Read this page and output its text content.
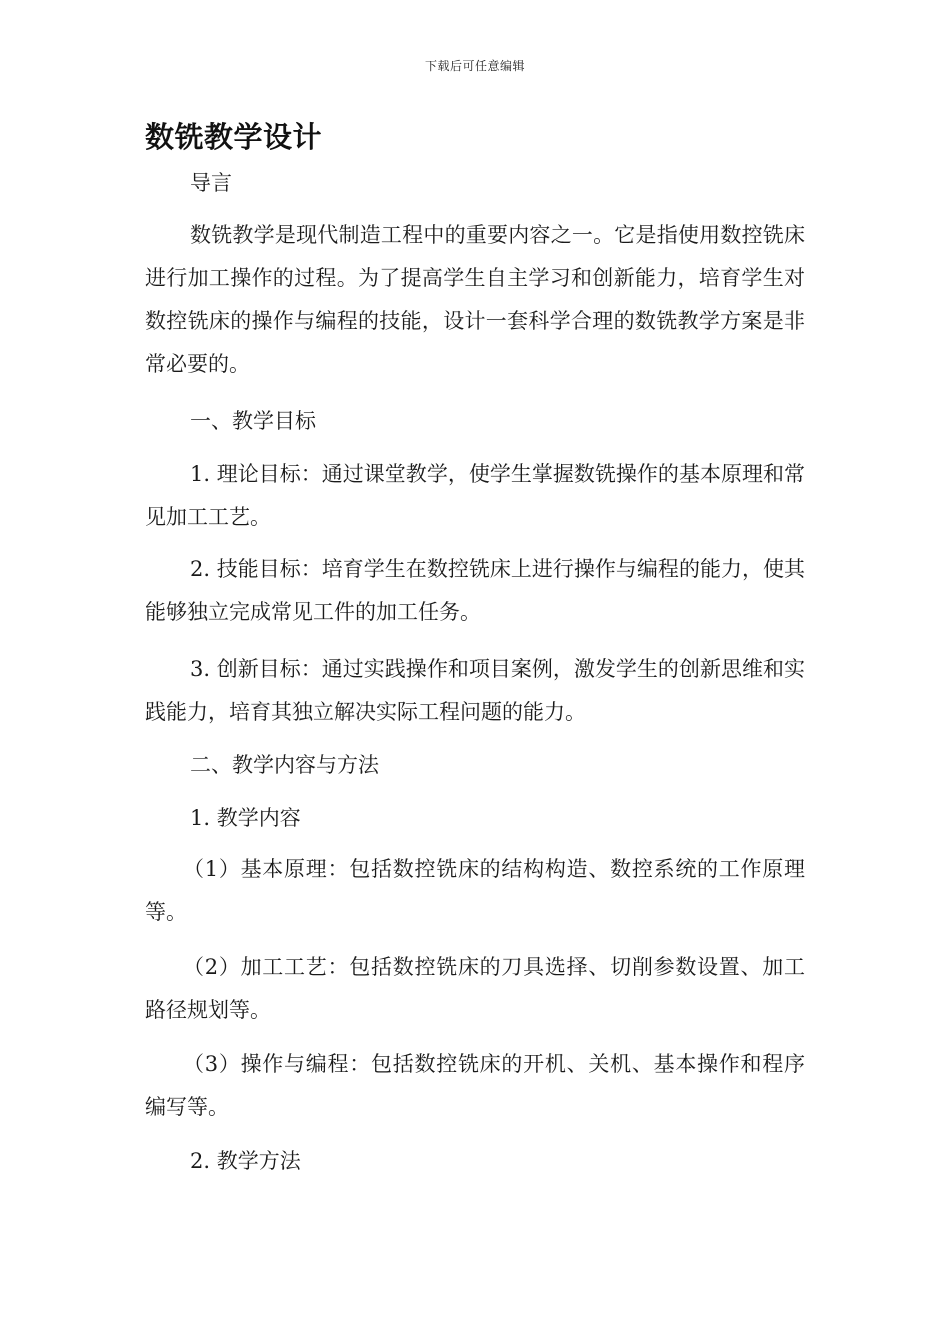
下载后可任意编辑
数铣教学设计

导言

数铣教学是现代制造工程中的重要内容之一。它是指使用数控铣床进行加工操作的过程。为了提高学生自主学习和创新能力，培育学生对数控铣床的操作与编程的技能，设计一套科学合理的数铣教学方案是非常必要的。

一、教学目标

1. 理论目标：通过课堂教学，使学生掌握数铣操作的基本原理和常见加工工艺。

2. 技能目标：培育学生在数控铣床上进行操作与编程的能力，使其能够独立完成常见工件的加工任务。

3. 创新目标：通过实践操作和项目案例，激发学生的创新思维和实践能力，培育其独立解决实际工程问题的能力。

二、教学内容与方法

1. 教学内容

（1）基本原理：包括数控铣床的结构构造、数控系统的工作原理等。

（2）加工工艺：包括数控铣床的刀具选择、切削参数设置、加工路径规划等。

（3）操作与编程：包括数控铣床的开机、关机、基本操作和程序编写等。

2. 教学方法
